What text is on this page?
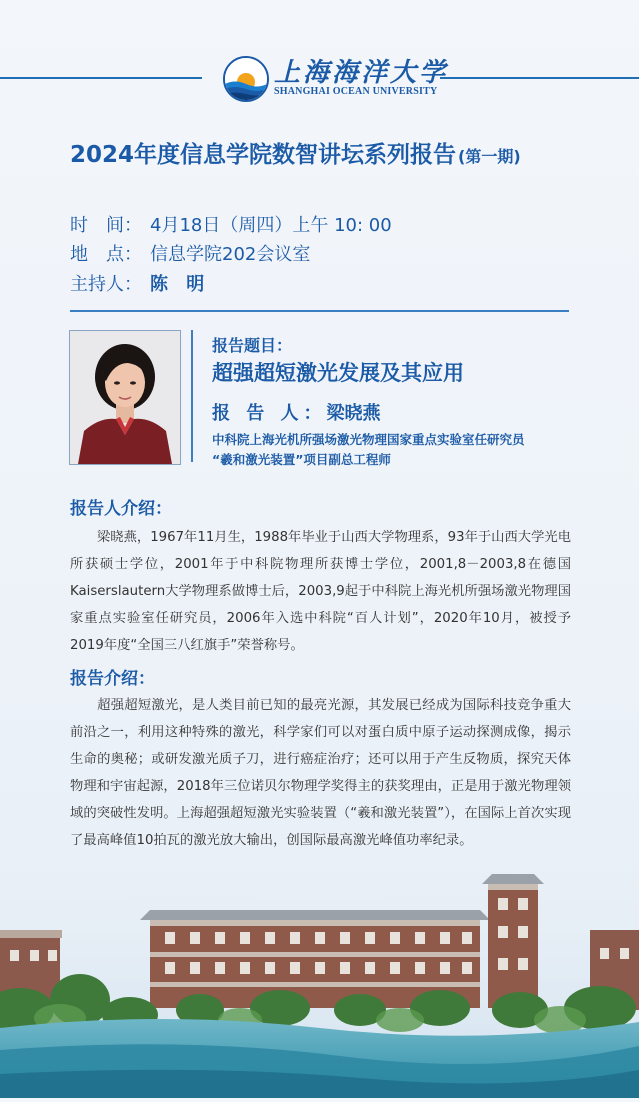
上海海洋大学
SHANGHAI OCEAN UNIVERSITY
2024年度信息学院数智讲坛系列报告 (第一期)
时　间： 4月18日（周四）上午 10: 00
地　点： 信息学院202会议室
主持人： 陈 明
报告题目：
超强超短激光发展及其应用
报 告 人：梁晓燕
中科院上海光机所强场激光物理国家重点实验室任研究员
“羲和激光装置”项目副总工程师
报告人介绍：
梁晓燕，1967年11月生，1988年毕业于山西大学物理系，93年于山西大学光电所获硕士学位，2001年于中科院物理所获博士学位，2001,8－2003,8在德国Kaiserslautern大学物理系做博士后，2003,9起于中科院上海光机所强场激光物理国家重点实验室任研究员，2006年入选中科院“百人计划”，2020年10月，被授予2019年度“全国三八红旗手”荣誉称号。
报告介绍：
超强超短激光，是人类目前已知的最亮光源，其发展已经成为国际科技竞争重大前沿之一，利用这种特殊的激光，科学家们可以对蛋白质中原子运动探测成像，揭示生命的奥秘；或研发激光质子刀，进行癌症治疗；还可以用于产生反物质，探究天体物理和宇宙起源，2018年三位诺贝尔物理学奖得主的获奖理由，正是用于激光物理领域的突破性发明。上海超强超短激光实验装置（“羲和激光装置”），在国际上首次实现了最高峰值10拍瓦的激光放大输出，创国际最高激光峰值功率纪录。
